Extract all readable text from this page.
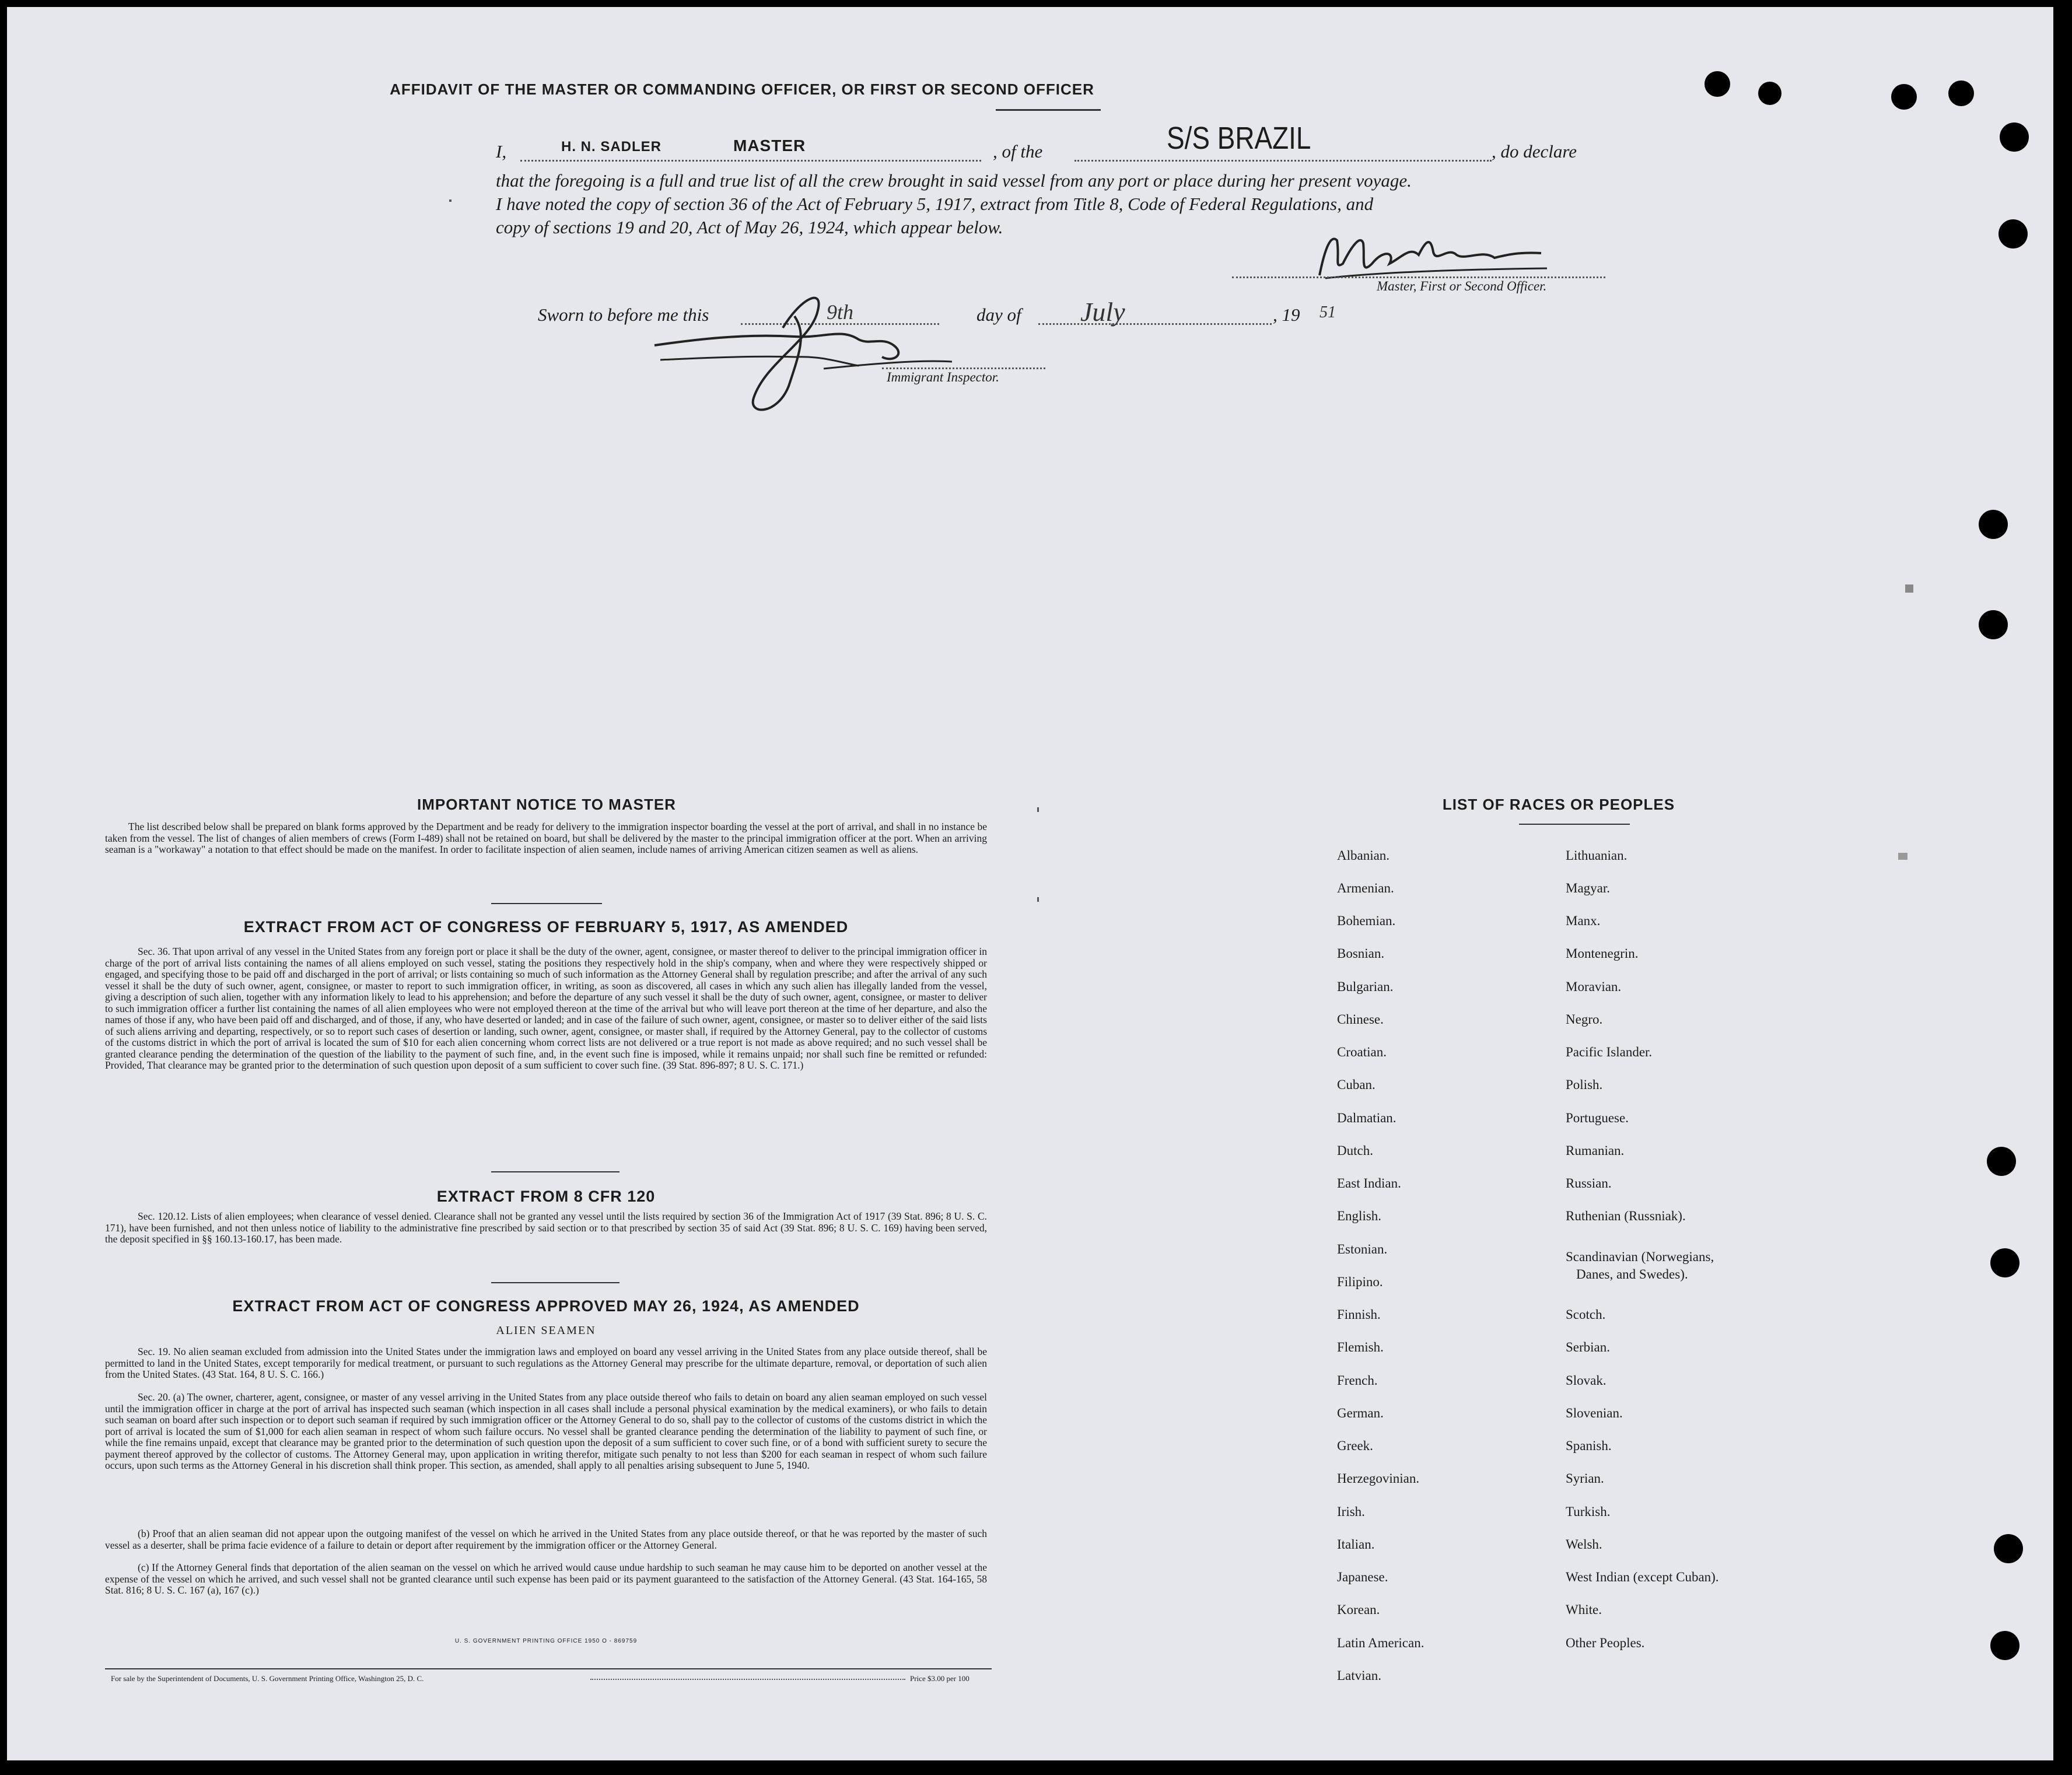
AFFIDAVIT OF THE MASTER OR COMMANDING OFFICER, OR FIRST OR SECOND OFFICER
I,	H. N. SADLER	MASTER	, of the	S/S BRAZIL	, do declare
that the foregoing is a full and true list of all the crew brought in said vessel from any port or place during her present voyage.
I have noted the copy of section 36 of the Act of February 5, 1917, extract from Title 8, Code of Federal Regulations, and
copy of sections 19 and 20, Act of May 26, 1924, which appear below.
Master, First or Second Officer.
Sworn to before me this	9th	day of July	, 19 51
Immigrant Inspector.
IMPORTANT NOTICE TO MASTER
The list described below shall be prepared on blank forms approved by the Department and be ready for delivery to the immigration inspector boarding the vessel at the port of arrival, and shall in no instance be taken from the vessel. The list of changes of alien members of crews (Form I-489) shall not be retained on board, but shall be delivered by the master to the principal immigration officer at the port. When an arriving seaman is a "workaway" a notation to that effect should be made on the manifest. In order to facilitate inspection of alien seamen, include names of arriving American citizen seamen as well as aliens.
EXTRACT FROM ACT OF CONGRESS OF FEBRUARY 5, 1917, AS AMENDED
Sec. 36. That upon arrival of any vessel in the United States from any foreign port or place it shall be the duty of the owner, agent, consignee, or master thereof to deliver to the principal immigration officer in charge of the port of arrival lists containing the names of all aliens employed on such vessel, stating the positions they respectively hold in the ship's company, when and where they were respectively shipped or engaged, and specifying those to be paid off and discharged in the port of arrival; or lists containing so much of such information as the Attorney General shall by regulation prescribe; and after the arrival of any such vessel it shall be the duty of such owner, agent, consignee, or master to report to such immigration officer, in writing, as soon as discovered, all cases in which any such alien has illegally landed from the vessel, giving a description of such alien, together with any information likely to lead to his apprehension; and before the departure of any such vessel it shall be the duty of such owner, agent, consignee, or master to deliver to such immigration officer a further list containing the names of all alien employees who were not employed thereon at the time of the arrival but who will leave port thereon at the time of her departure, and also the names of those if any, who have been paid off and discharged, and of those, if any, who have deserted or landed; and in case of the failure of such owner, agent, consignee, or master so to deliver either of the said lists of such aliens arriving and departing, respectively, or so to report such cases of desertion or landing, such owner, agent, consignee, or master shall, if required by the Attorney General, pay to the collector of customs of the customs district in which the port of arrival is located the sum of $10 for each alien concerning whom correct lists are not delivered or a true report is not made as above required; and no such vessel shall be granted clearance pending the determination of the question of the liability to the payment of such fine, and, in the event such fine is imposed, while it remains unpaid; nor shall such fine be remitted or refunded: Provided, That clearance may be granted prior to the determination of such question upon deposit of a sum sufficient to cover such fine. (39 Stat. 896-897; 8 U. S. C. 171.)
EXTRACT FROM 8 CFR 120
Sec. 120.12. Lists of alien employees; when clearance of vessel denied. Clearance shall not be granted any vessel until the lists required by section 36 of the Immigration Act of 1917 (39 Stat. 896; 8 U. S. C. 171), have been furnished, and not then unless notice of liability to the administrative fine prescribed by said section or to that prescribed by section 35 of said Act (39 Stat. 896; 8 U. S. C. 169) having been served, the deposit specified in §§ 160.13-160.17, has been made.
EXTRACT FROM ACT OF CONGRESS APPROVED MAY 26, 1924, AS AMENDED
ALIEN SEAMEN
Sec. 19. No alien seaman excluded from admission into the United States under the immigration laws and employed on board any vessel arriving in the United States from any place outside thereof, shall be permitted to land in the United States, except temporarily for medical treatment, or pursuant to such regulations as the Attorney General may prescribe for the ultimate departure, removal, or deportation of such alien from the United States. (43 Stat. 164, 8 U. S. C. 166.)
Sec. 20. (a) The owner, charterer, agent, consignee, or master of any vessel arriving in the United States from any place outside thereof who fails to detain on board any alien seaman employed on such vessel until the immigration officer in charge at the port of arrival has inspected such seaman (which inspection in all cases shall include a personal physical examination by the medical examiners), or who fails to detain such seaman on board after such inspection or to deport such seaman if required by such immigration officer or the Attorney General to do so, shall pay to the collector of customs of the customs district in which the port of arrival is located the sum of $1,000 for each alien seaman in respect of whom such failure occurs. No vessel shall be granted clearance pending the determination of the liability to payment of such fine, or while the fine remains unpaid, except that clearance may be granted prior to the determination of such question upon the deposit of a sum sufficient to cover such fine, or of a bond with sufficient surety to secure the payment thereof approved by the collector of customs. The Attorney General may, upon application in writing therefor, mitigate such penalty to not less than $200 for each seaman in respect of whom such failure occurs, upon such terms as the Attorney General in his discretion shall think proper. This section, as amended, shall apply to all penalties arising subsequent to June 5, 1940.
(b) Proof that an alien seaman did not appear upon the outgoing manifest of the vessel on which he arrived in the United States from any place outside thereof, or that he was reported by the master of such vessel as a deserter, shall be prima facie evidence of a failure to detain or deport after requirement by the immigration officer or the Attorney General.
(c) If the Attorney General finds that deportation of the alien seaman on the vessel on which he arrived would cause undue hardship to such seaman he may cause him to be deported on another vessel at the expense of the vessel on which he arrived, and such vessel shall not be granted clearance until such expense has been paid or its payment guaranteed to the satisfaction of the Attorney General. (43 Stat. 164-165, 58 Stat. 816; 8 U. S. C. 167 (a), 167 (c).)
U. S. GOVERNMENT PRINTING OFFICE 1950 O - 869759
For sale by the Superintendent of Documents, U. S. Government Printing Office, Washington 25, D. C.	Price $3.00 per 100
LIST OF RACES OR PEOPLES
Albanian.
Armenian.
Bohemian.
Bosnian.
Bulgarian.
Chinese.
Croatian.
Cuban.
Dalmatian.
Dutch.
East Indian.
English.
Estonian.
Filipino.
Finnish.
Flemish.
French.
German.
Greek.
Herzegovinian.
Irish.
Italian.
Japanese.
Korean.
Latin American.
Latvian.
Lithuanian.
Magyar.
Manx.
Montenegrin.
Moravian.
Negro.
Pacific Islander.
Polish.
Portuguese.
Rumanian.
Russian.
Ruthenian (Russniak).
Scandinavian (Norwegians,
Danes, and Swedes).
Scotch.
Serbian.
Slovak.
Slovenian.
Spanish.
Syrian.
Turkish.
Welsh.
West Indian (except Cuban).
White.
Other Peoples.
